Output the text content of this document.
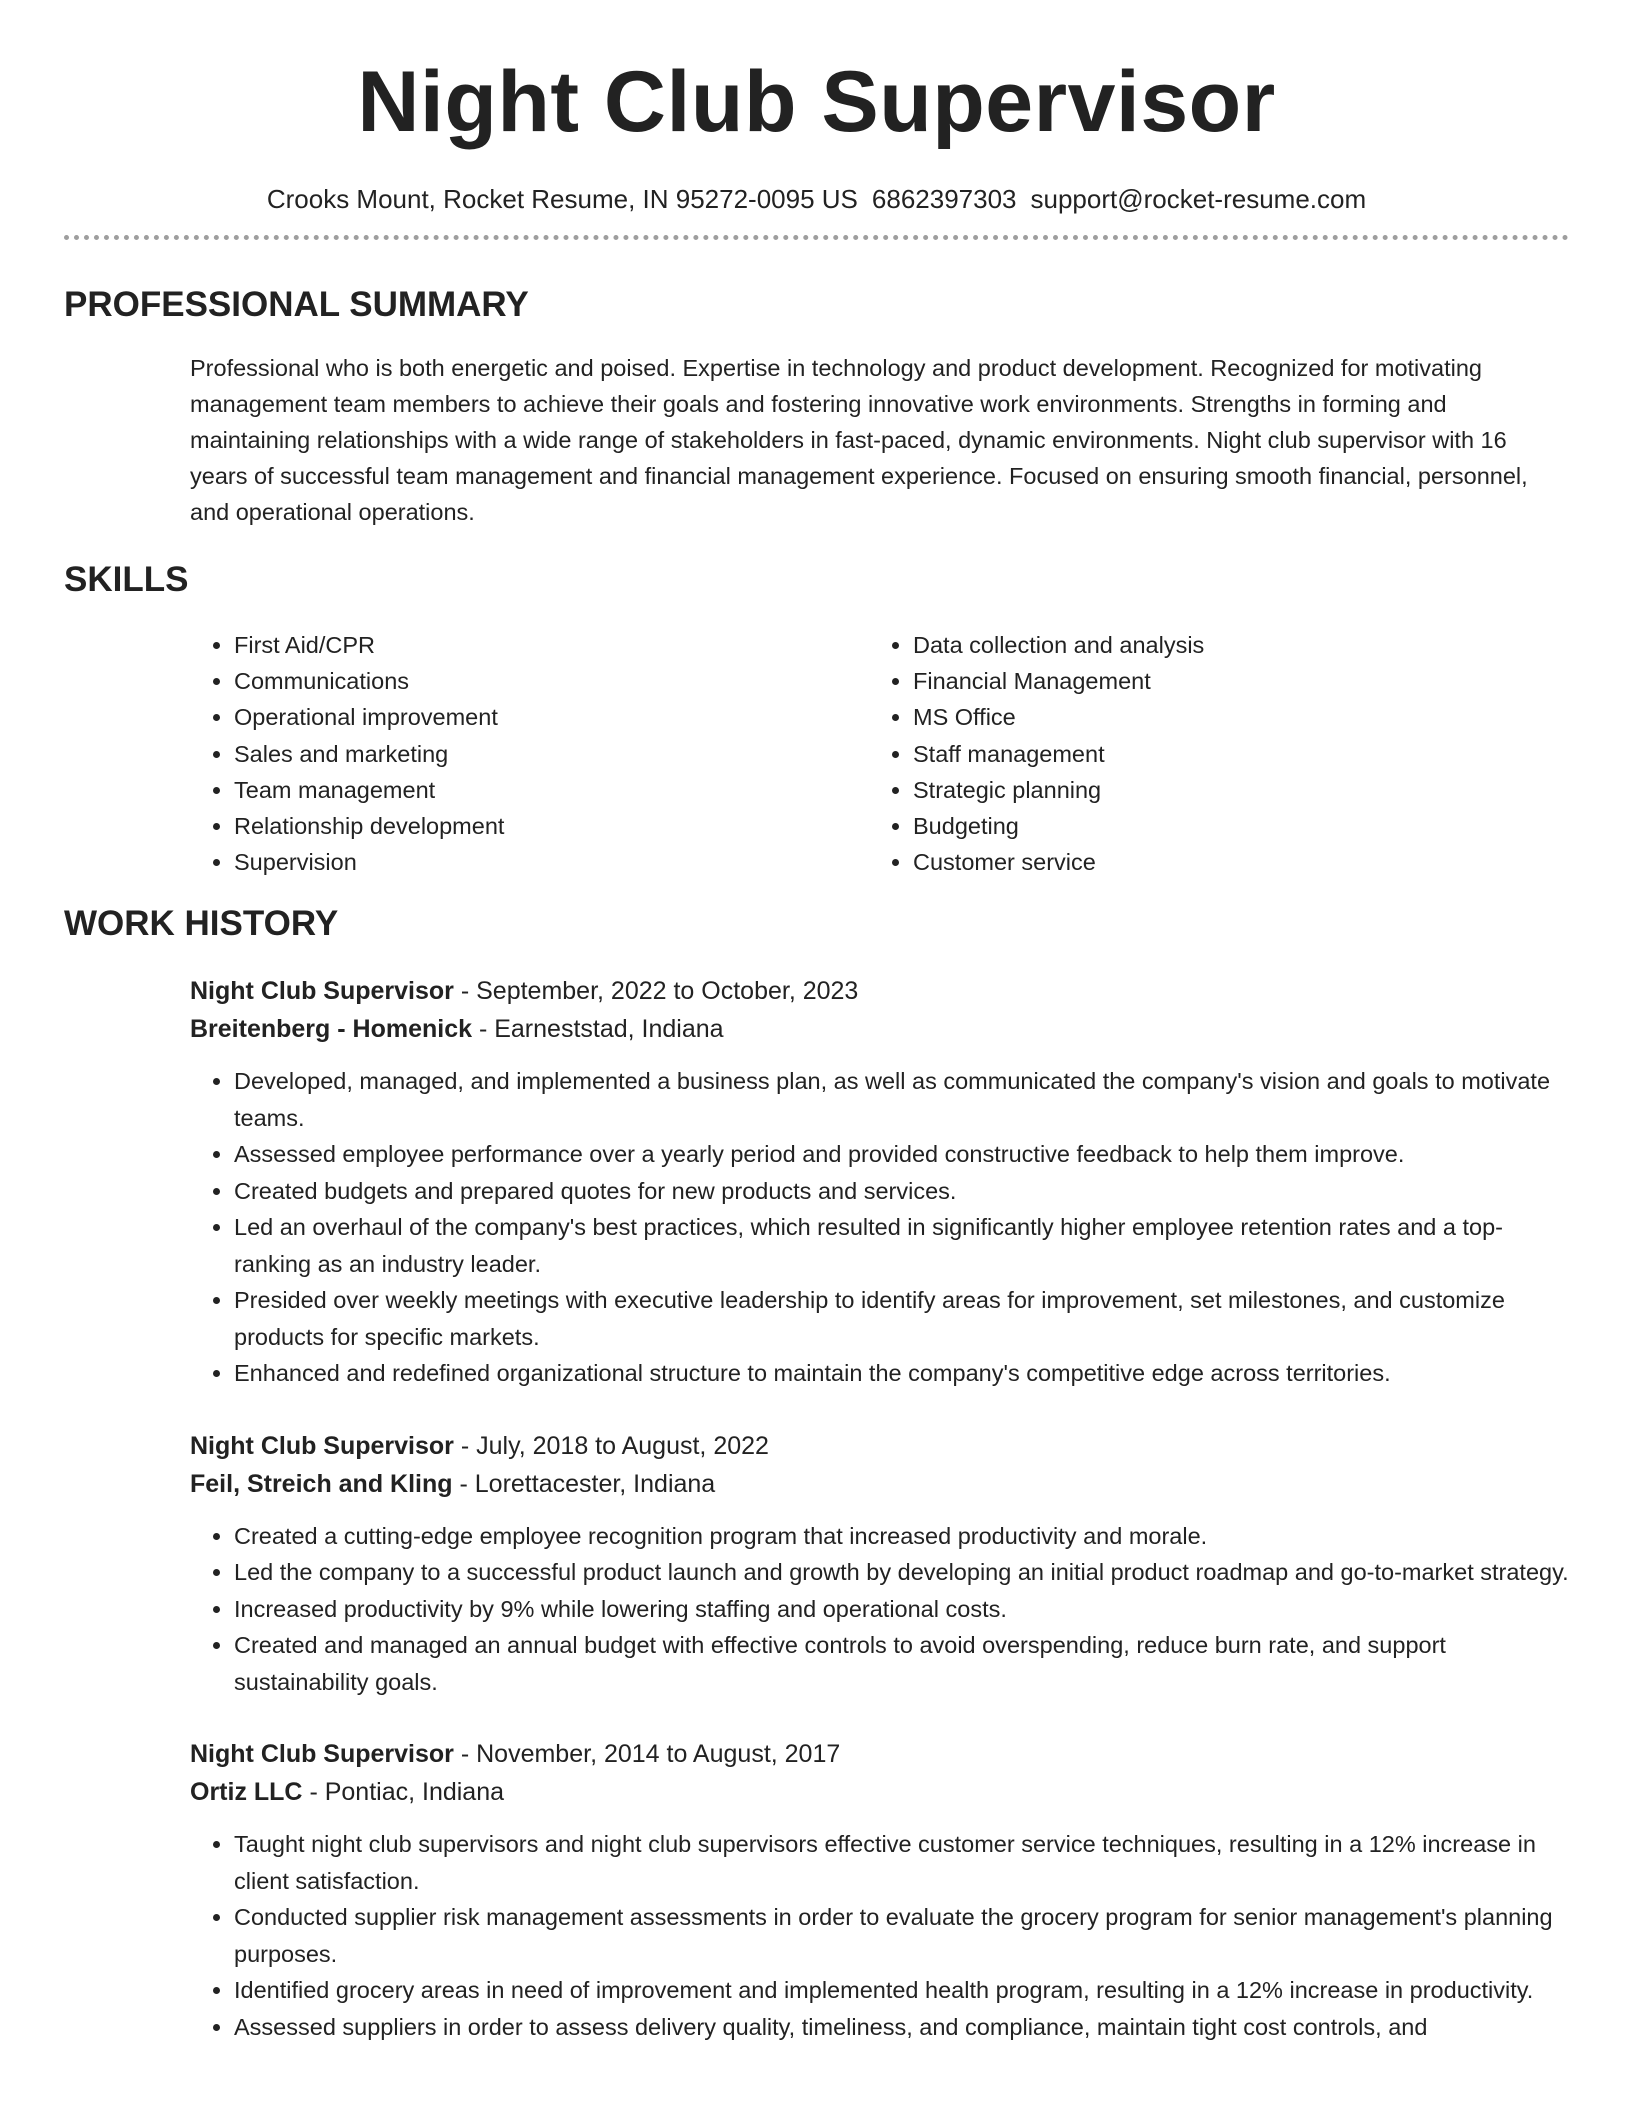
Night Club Supervisor
Crooks Mount, Rocket Resume, IN 95272-0095 US 6862397303 support@rocket-resume.com
PROFESSIONAL SUMMARY
Professional who is both energetic and poised. Expertise in technology and product development. Recognized for motivating management team members to achieve their goals and fostering innovative work environments. Strengths in forming and maintaining relationships with a wide range of stakeholders in fast-paced, dynamic environments. Night club supervisor with 16 years of successful team management and financial management experience. Focused on ensuring smooth financial, personnel, and operational operations.
SKILLS
• First Aid/CPR
• Communications
• Operational improvement
• Sales and marketing
• Team management
• Relationship development
• Supervision
• Data collection and analysis
• Financial Management
• MS Office
• Staff management
• Strategic planning
• Budgeting
• Customer service
WORK HISTORY
Night Club Supervisor - September, 2022 to October, 2023
Breitenberg - Homenick - Earneststad, Indiana
• Developed, managed, and implemented a business plan, as well as communicated the company's vision and goals to motivate teams.
• Assessed employee performance over a yearly period and provided constructive feedback to help them improve.
• Created budgets and prepared quotes for new products and services.
• Led an overhaul of the company's best practices, which resulted in significantly higher employee retention rates and a top-ranking as an industry leader.
• Presided over weekly meetings with executive leadership to identify areas for improvement, set milestones, and customize products for specific markets.
• Enhanced and redefined organizational structure to maintain the company's competitive edge across territories.
Night Club Supervisor - July, 2018 to August, 2022
Feil, Streich and Kling - Lorettacester, Indiana
• Created a cutting-edge employee recognition program that increased productivity and morale.
• Led the company to a successful product launch and growth by developing an initial product roadmap and go-to-market strategy.
• Increased productivity by 9% while lowering staffing and operational costs.
• Created and managed an annual budget with effective controls to avoid overspending, reduce burn rate, and support sustainability goals.
Night Club Supervisor - November, 2014 to August, 2017
Ortiz LLC - Pontiac, Indiana
• Taught night club supervisors and night club supervisors effective customer service techniques, resulting in a 12% increase in client satisfaction.
• Conducted supplier risk management assessments in order to evaluate the grocery program for senior management's planning purposes.
• Identified grocery areas in need of improvement and implemented health program, resulting in a 12% increase in productivity.
• Assessed suppliers in order to assess delivery quality, timeliness, and compliance, maintain tight cost controls, and
